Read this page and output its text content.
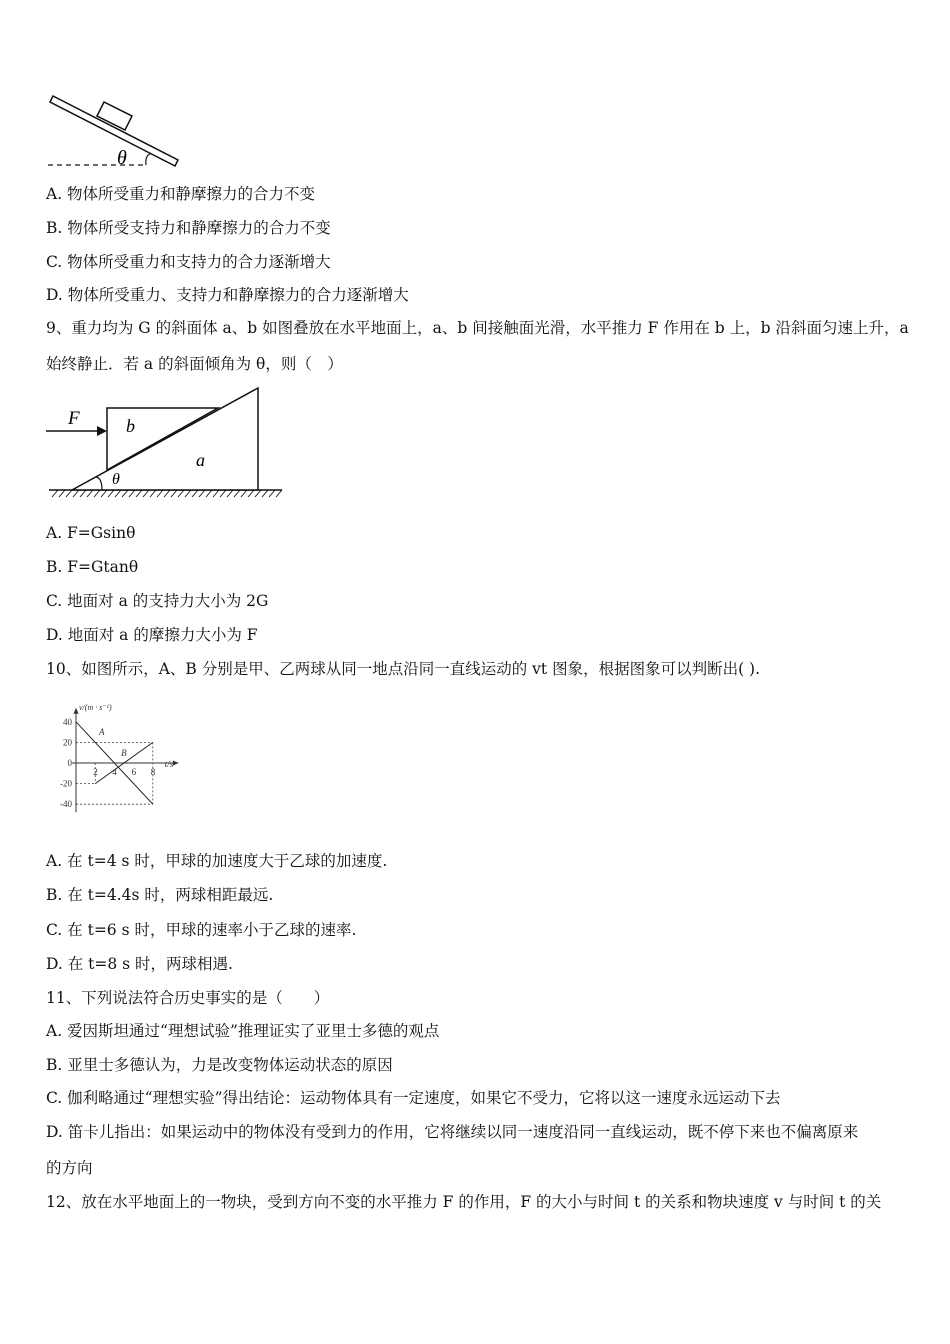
θ
A. 物体所受重力和静摩擦力的合力不变
B. 物体所受支持力和静摩擦力的合力不变
C. 物体所受重力和支持力的合力逐渐增大
D. 物体所受重力、支持力和静摩擦力的合力逐渐增大
9、重力均为 G 的斜面体 a、b 如图叠放在水平地面上，a、b 间接触面光滑，水平推力 F 作用在 b 上，b 沿斜面匀速上升，a
始终静止．若 a 的斜面倾角为 θ，则（　）
F	b
a
θ
A. F=Gsinθ
B. F=Gtanθ
C. 地面对 a 的支持力大小为 2G
D. 地面对 a 的摩擦力大小为 F
10、如图所示，A、B 分别是甲、乙两球从同一地点沿同一直线运动的 vt 图象，根据图象可以判断出( ).
v/(m · s⁻¹)
t/s
40
20
0
-20
-40
2 4 6 8
A
B
A. 在 t=4 s 时，甲球的加速度大于乙球的加速度.
B. 在 t=4.4s 时，两球相距最远.
C. 在 t=6 s 时，甲球的速率小于乙球的速率.
D. 在 t=8 s 时，两球相遇.
11、下列说法符合历史事实的是（　　）
A. 爱因斯坦通过“理想试验”推理证实了亚里士多德的观点
B. 亚里士多德认为，力是改变物体运动状态的原因
C. 伽利略通过“理想实验”得出结论：运动物体具有一定速度，如果它不受力，它将以这一速度永远运动下去
D. 笛卡儿指出：如果运动中的物体没有受到力的作用，它将继续以同一速度沿同一直线运动，既不停下来也不偏离原来
的方向
12、放在水平地面上的一物块，受到方向不变的水平推力 F 的作用，F 的大小与时间 t 的关系和物块速度 v 与时间 t 的关
